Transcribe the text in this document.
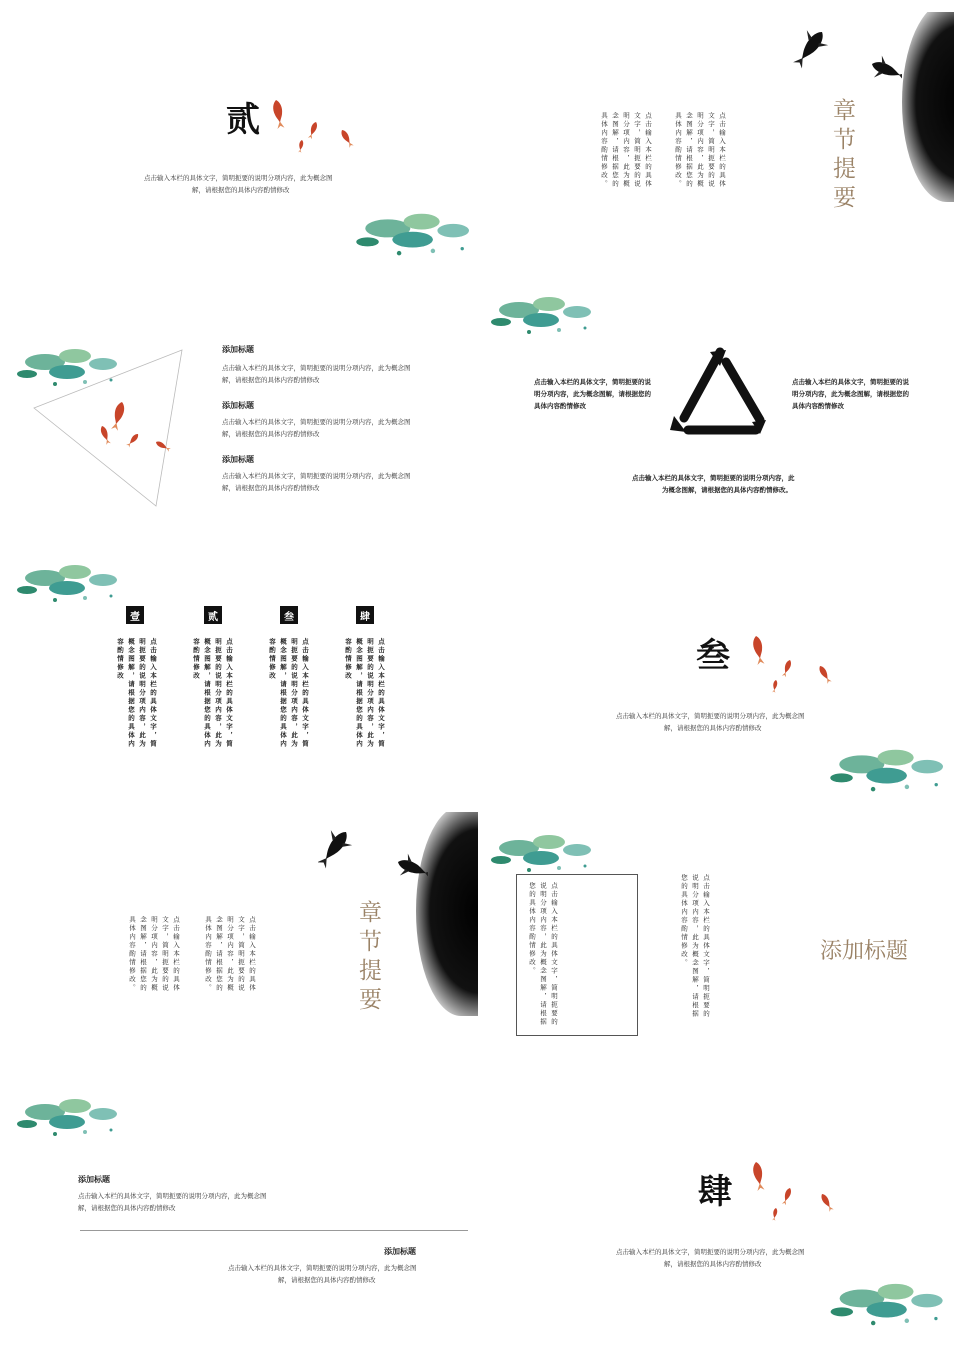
贰
点击输入本栏的具体文字，简明扼要的说明分项内容，此为概念图
解，请根据您的具体内容酌情修改	章节提要
点击输入本栏的具体文字，简明扼要的说明分项内容，此为概念图解，请根据您的具体内容酌情修改。
点击输入本栏的具体文字，简明扼要的说明分项内容，此为概念图解，请根据您的具体内容酌情修改。
添加标题
点击输入本栏的具体文字，简明扼要的说明分项内容，此为概念图
解，请根据您的具体内容酌情修改
添加标题
点击输入本栏的具体文字，简明扼要的说明分项内容，此为概念图
解，请根据您的具体内容酌情修改
添加标题
点击输入本栏的具体文字，简明扼要的说明分项内容，此为概念图
解，请根据您的具体内容酌情修改
点击输入本栏的具体文字，简明扼要的说
明分项内容，此为概念图解，请根据您的
具体内容酌情修改
点击输入本栏的具体文字，简明扼要的说
明分项内容，此为概念图解，请根据您的
具体内容酌情修改
点击输入本栏的具体文字，简明扼要的说明分项内容，此
为概念图解，请根据您的具体内容酌情修改。
壹	贰	叁	肆
点击输入本栏的具体文字，简明扼要的说明分项内容，此为概念图解，请根据您的具体内容酌情修改	点击输入本栏的具体文字，简明扼要的说明分项内容，此为概念图解，请根据您的具体内容酌情修改	点击输入本栏的具体文字，简明扼要的说明分项内容，此为概念图解，请根据您的具体内容酌情修改	点击输入本栏的具体文字，简明扼要的说明分项内容，此为概念图解，请根据您的具体内容酌情修改	叁
点击输入本栏的具体文字，简明扼要的说明分项内容，此为概念图
解，请根据您的具体内容酌情修改
章节提要
点击输入本栏的具体文字，简明扼要的说明分项内容，此为概念图解，请根据您的具体内容酌情修改。
点击输入本栏的具体文字，简明扼要的说明分项内容，此为概念图解，请根据您的具体内容酌情修改。	点击输入本栏的具体文字，简明扼要的说明分项内容，此为概念图解，请根据您的具体内容酌情修改。	点击输入本栏的具体文字，简明扼要的说明分项内容，此为概念图解，请根据您的具体内容酌情修改。	添加标题
添加标题
点击输入本栏的具体文字，简明扼要的说明分项内容，此为概念图
解，请根据您的具体内容酌情修改
添加标题
点击输入本栏的具体文字，简明扼要的说明分项内容，此为概念图
解，请根据您的具体内容酌情修改
肆
点击输入本栏的具体文字，简明扼要的说明分项内容，此为概念图
解，请根据您的具体内容酌情修改
